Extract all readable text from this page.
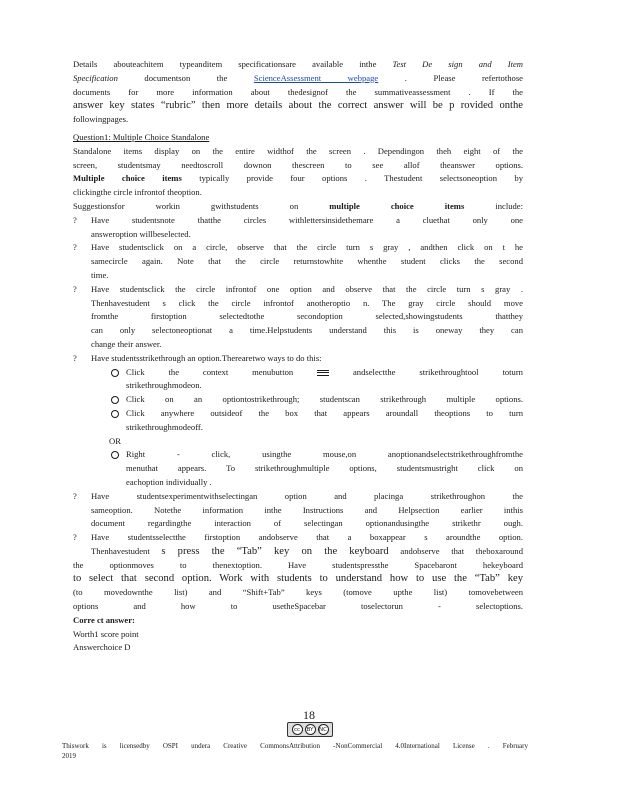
Details abouteachitem typeanditem specificationsare available inthe Test De sign and Item

Specification	documentson the	ScienceAssessment webpage	. Please refertothose

documents for more information about thedesignof the summativeassessment . If the

answer key states “rubric” then more details about the correct answer will be p rovided onthe

followingpages.

Question1: Multiple Choice Standalone

Standalone items display on the entire widthof the screen . Dependingon theh eight of the

screen, studentsmay needtoscroll downon thescreen to see allof theanswer options.

Multiple choice items typically provide four options . Thestudent selectsoneoption by

clickingthe circle infrontof theoption.

Suggestionsfor workin gwithstudents on	multiple choice items	include:

? Have studentsnote thatthe circles withlettersinsidethemare a cluethat only one

answeroption willbeselected.

? Have studentsclick on a circle, observe that the circle turn s gray , andthen click on t he

samecircle again. Note that the circle returnstowhite whenthe student clicks the second

time.

? Have studentsclick the circle infrontof one option and observe that the circle turn s gray .

Thenhavestudent s click the circle infrontof anotheroptio n. The gray circle should move

fromthe firstoption selectedtothe secondoption selected,showingstudents thatthey

can only selectoneoptionat a time.Helpstudents understand this is oneway they can

change their answer.

? Have studentsstrikethrough an option.Therearetwo ways to do this:

Click the context menubutton	andselectthe strikethroughtool toturn

strikethroughmodeon.

Click on an optiontostrikethrough; studentscan strikethrough multiple options.

Click anywhere outsideof the box that appears aroundall theoptions to turn

strikethroughmodeoff.

OR

Right - click, usingthe mouse,on anoptionandselectstrikethroughfromthe

menuthat appears. To strikethroughmultiple options, studentsmustright click on

eachoption individually .

? Have studentsexperimentwithselectingan option and placinga strikethroughon the

sameoption. Notethe information inthe Instructions and Helpsection earlier inthis

document regardingthe interaction of selectingan optionandusingthe strikethr ough.

? Have studentsselectthe firstoption andobserve that a boxappear s aroundthe option.

Thenhavestudent s press the “Tab” key on the keyboard andobserve that theboxaround

the optionmoves to thenextoption. Have studentspressthe Spacebaront hekeyboard

to select that second option. Work with students to understand how to use the “Tab” key

(to movedownthe list) and “Shift+Tab” keys (tomove upthe list) tomovebetween

options and how to usetheSpacebar toselectorun - selectoptions.

Corre ct answer:

Worth1 score point

Answerchoice D

18
cc	BY	NC

Thiswork is licensedby OSPI undera Creative CommonsAttribution -NonCommercial 4.0International License . February

2019
